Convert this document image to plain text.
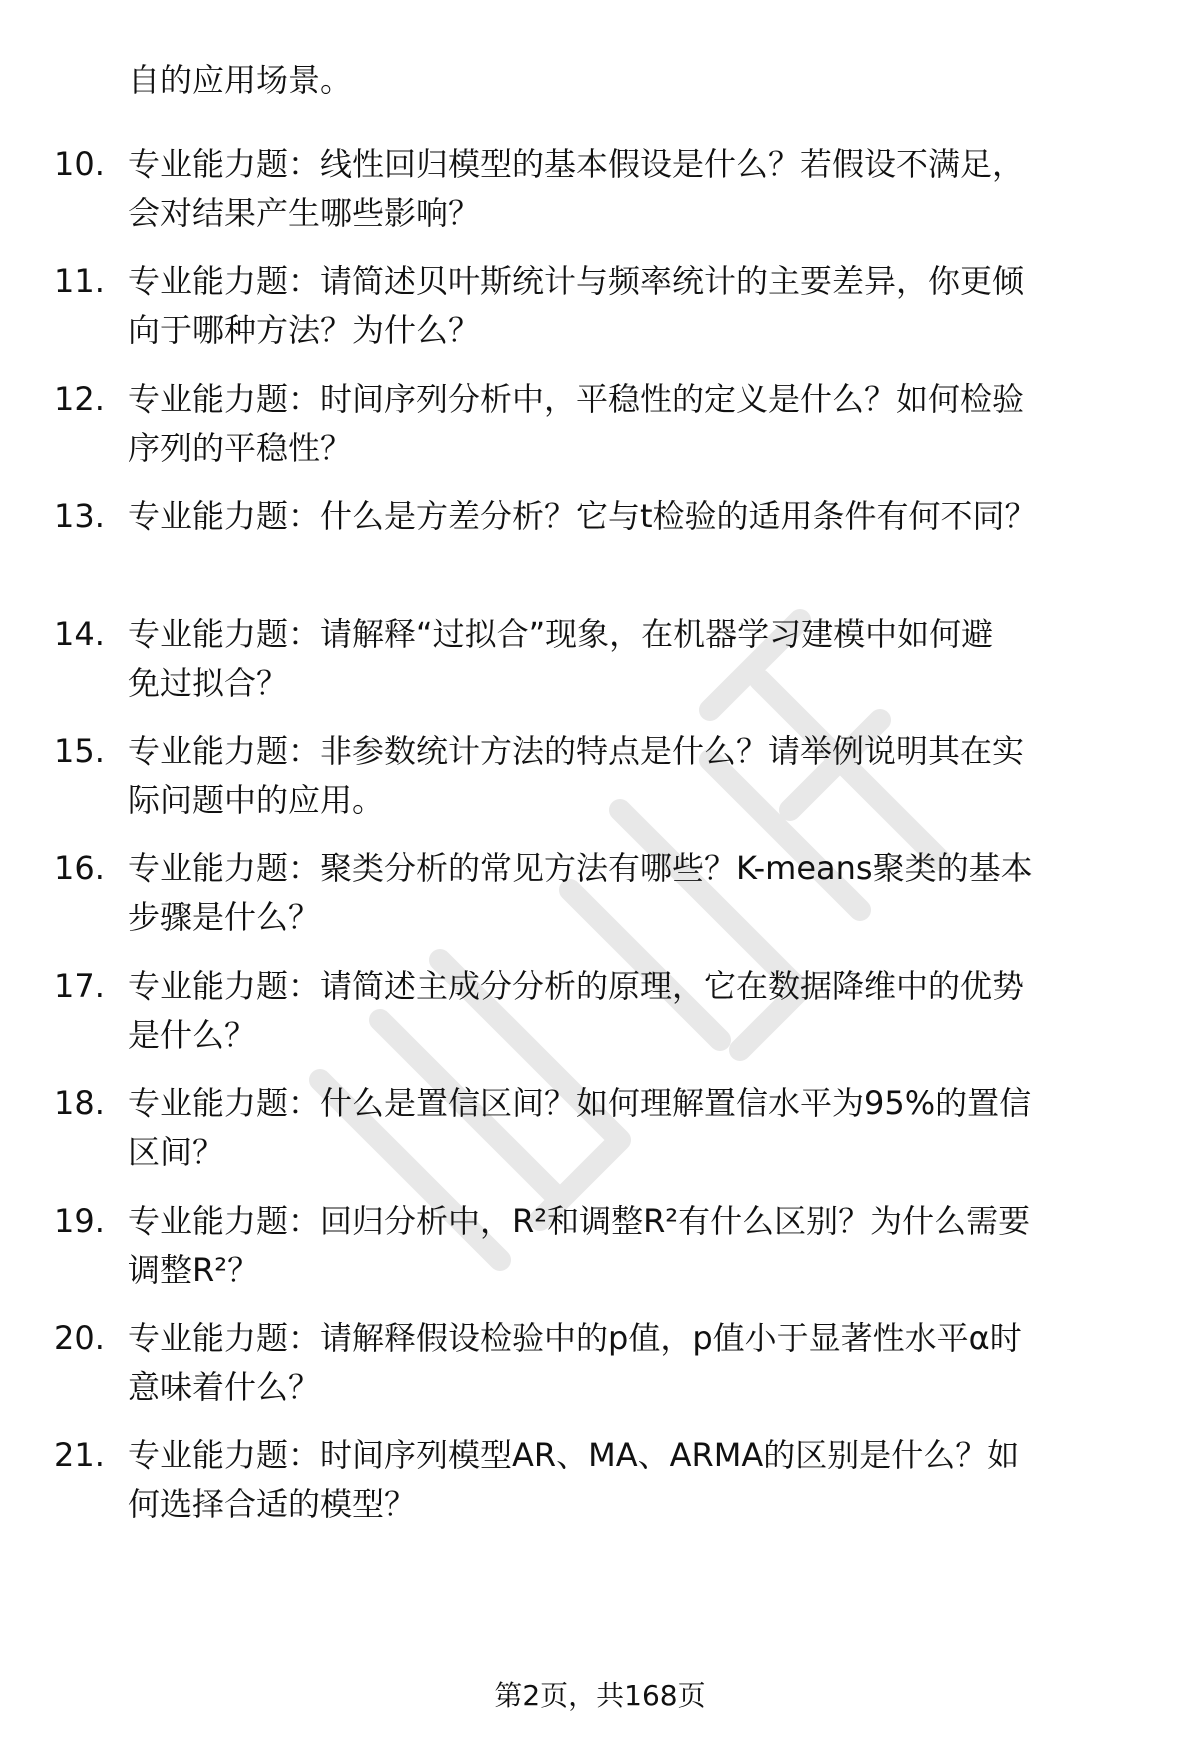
自的应用场景。
10. 专业能力题：线性回归模型的基本假设是什么？若假设不满足，
会对结果产生哪些影响？
11. 专业能力题：请简述贝叶斯统计与频率统计的主要差异，你更倾
向于哪种方法？为什么？
12. 专业能力题：时间序列分析中，平稳性的定义是什么？如何检验
序列的平稳性？
13. 专业能力题：什么是方差分析？它与t检验的适用条件有何不同？
14. 专业能力题：请解释“过拟合”现象，在机器学习建模中如何避
免过拟合？
15. 专业能力题：非参数统计方法的特点是什么？请举例说明其在实
际问题中的应用。
16. 专业能力题：聚类分析的常见方法有哪些？K-means聚类的基本
步骤是什么？
17. 专业能力题：请简述主成分分析的原理，它在数据降维中的优势
是什么？
18. 专业能力题：什么是置信区间？如何理解置信水平为95%的置信
区间？
19. 专业能力题：回归分析中，R²和调整R²有什么区别？为什么需要
调整R²？
20. 专业能力题：请解释假设检验中的p值，p值小于显著性水平α时
意味着什么？
21. 专业能力题：时间序列模型AR、MA、ARMA的区别是什么？如
何选择合适的模型？
第2页，共168页
